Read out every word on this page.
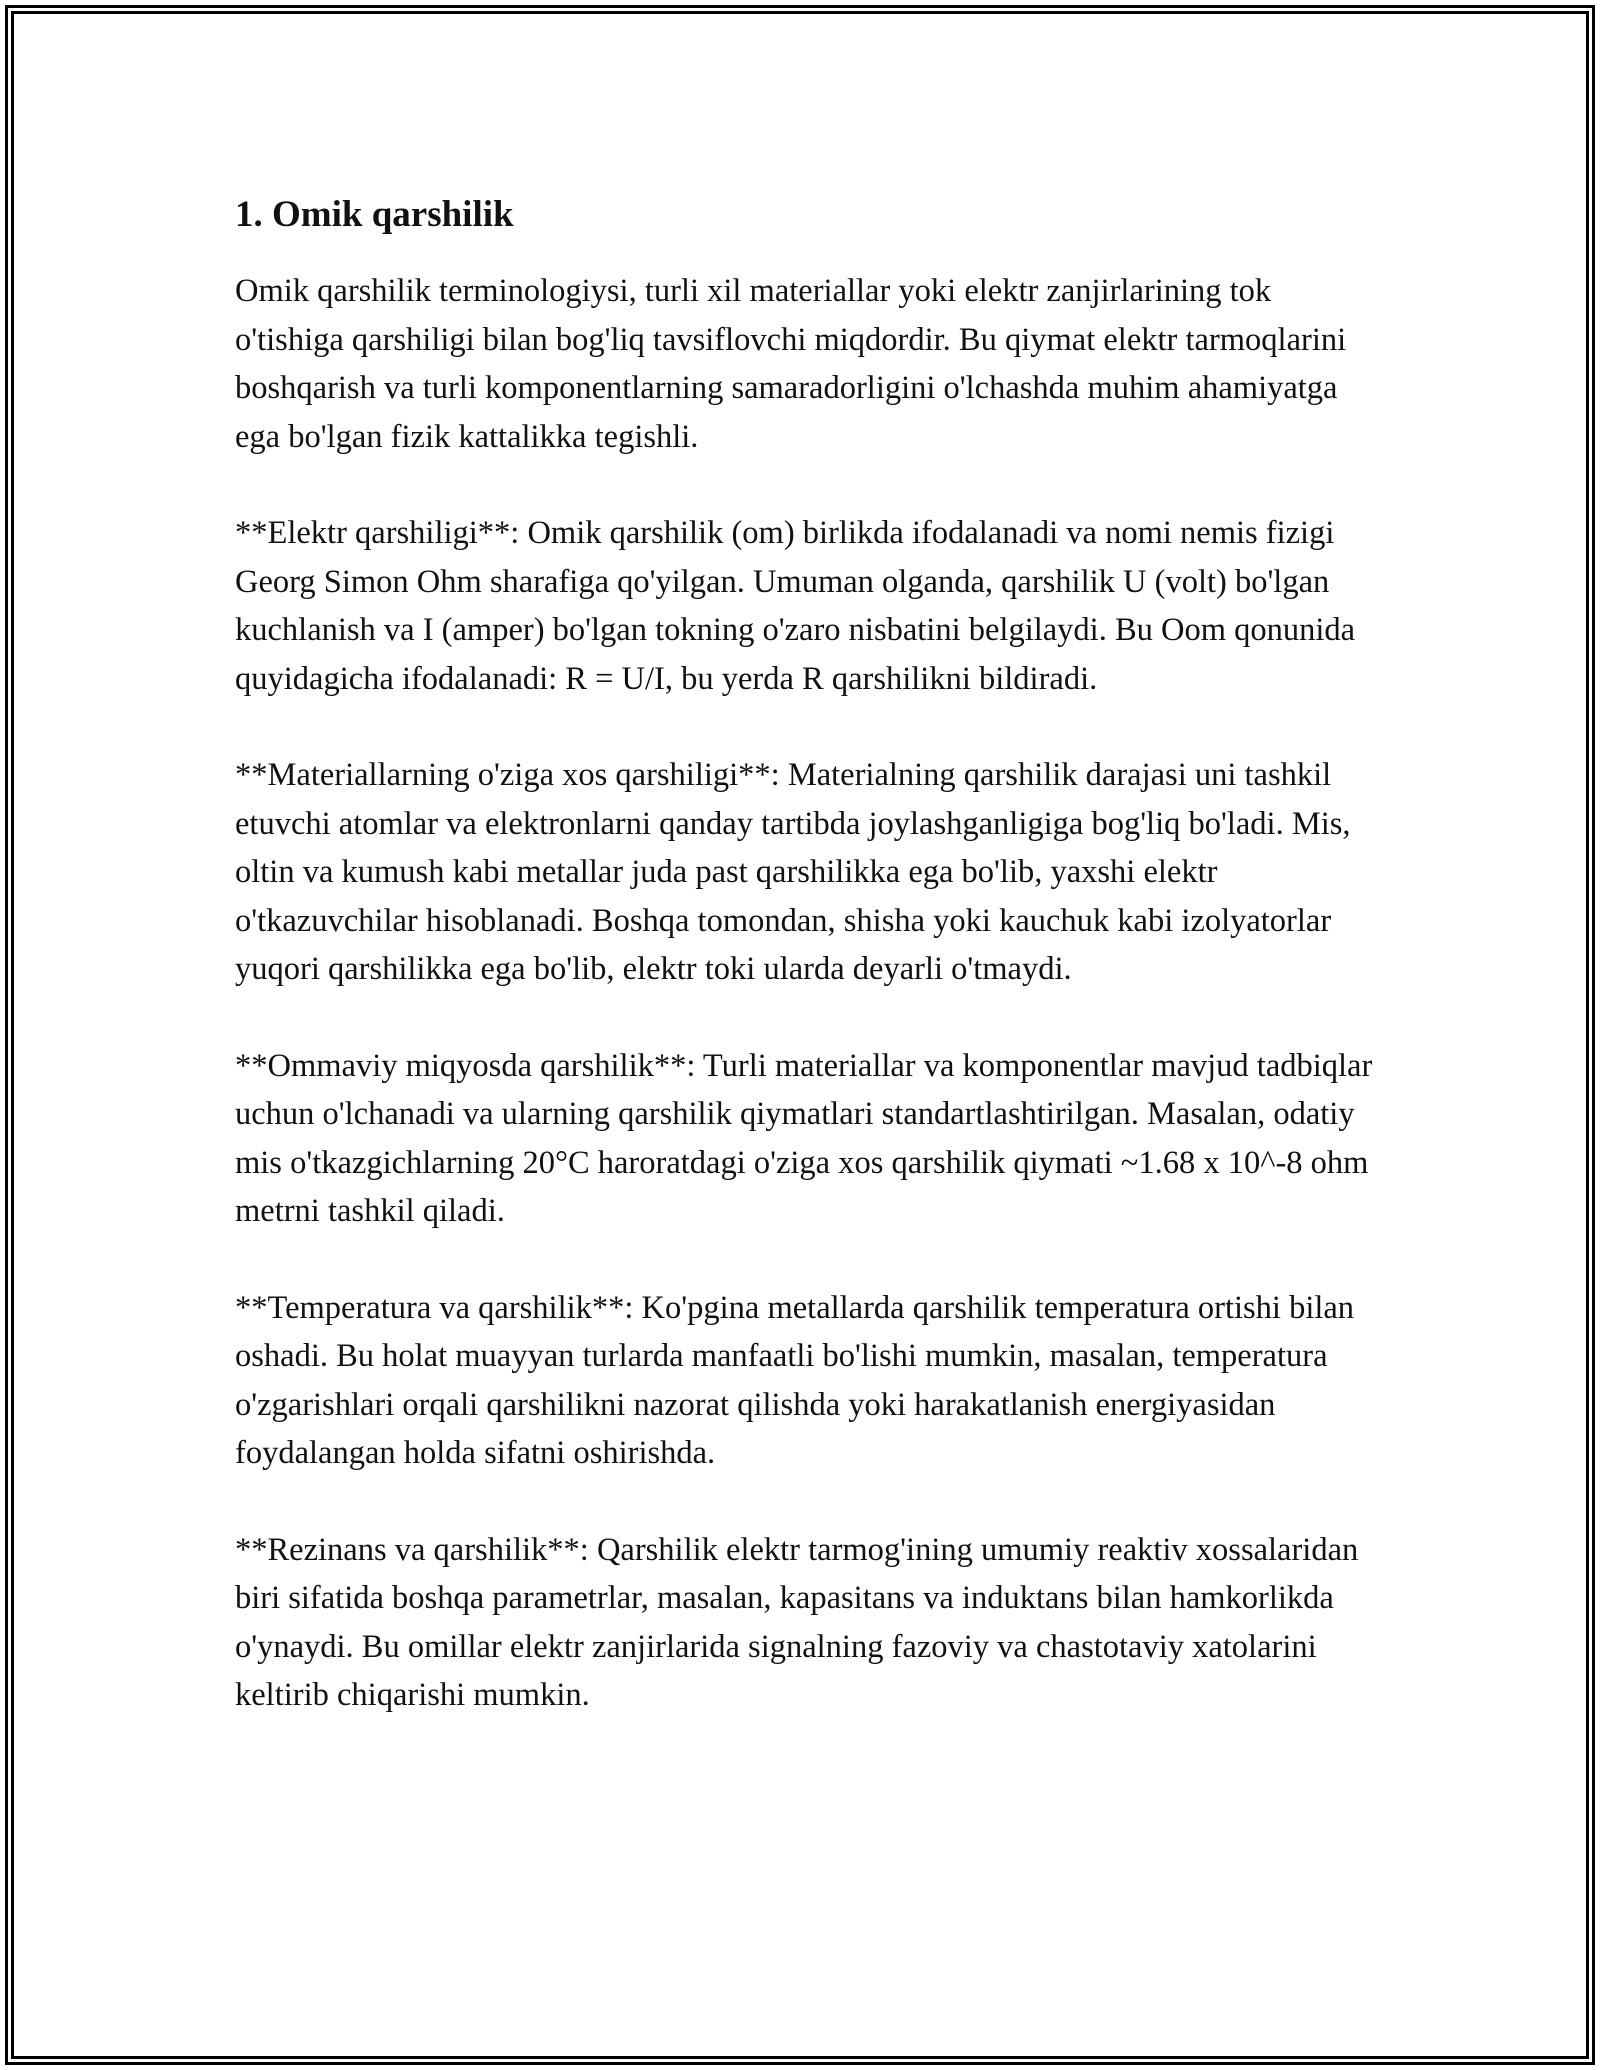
1. Omik qarshilik

Omik qarshilik terminologiysi, turli xil materiallar yoki elektr zanjirlarining tok o'tishiga qarshiligi bilan bog'liq tavsiflovchi miqdordir. Bu qiymat elektr tarmoqlarini boshqarish va turli komponentlarning samaradorligini o'lchashda muhim ahamiyatga ega bo'lgan fizik kattalikka tegishli.

**Elektr qarshiligi**: Omik qarshilik (om) birlikda ifodalanadi va nomi nemis fizigi Georg Simon Ohm sharafiga qo'yilgan. Umuman olganda, qarshilik U (volt) bo'lgan kuchlanish va I (amper) bo'lgan tokning o'zaro nisbatini belgilaydi. Bu Oom qonunida quyidagicha ifodalanadi: R = U/I, bu yerda R qarshilikni bildiradi.

**Materiallarning o'ziga xos qarshiligi**: Materialning qarshilik darajasi uni tashkil etuvchi atomlar va elektronlarni qanday tartibda joylashganligiga bog'liq bo'ladi. Mis, oltin va kumush kabi metallar juda past qarshilikka ega bo'lib, yaxshi elektr o'tkazuvchilar hisoblanadi. Boshqa tomondan, shisha yoki kauchuk kabi izolyatorlar yuqori qarshilikka ega bo'lib, elektr toki ularda deyarli o'tmaydi.

**Ommaviy miqyosda qarshilik**: Turli materiallar va komponentlar mavjud tadbiqlar uchun o'lchanadi va ularning qarshilik qiymatlari standartlashtirilgan. Masalan, odatiy mis o'tkazgichlarning 20°C haroratdagi o'ziga xos qarshilik qiymati ~1.68 x 10^-8 ohm metrni tashkil qiladi.

**Temperatura va qarshilik**: Ko'pgina metallarda qarshilik temperatura ortishi bilan oshadi. Bu holat muayyan turlarda manfaatli bo'lishi mumkin, masalan, temperatura o'zgarishlari orqali qarshilikni nazorat qilishda yoki harakatlanish energiyasidan foydalangan holda sifatni oshirishda.

**Rezinans va qarshilik**: Qarshilik elektr tarmog'ining umumiy reaktiv xossalaridan biri sifatida boshqa parametrlar, masalan, kapasitans va induktans bilan hamkorlikda o'ynaydi. Bu omillar elektr zanjirlarida signalning fazoviy va chastotaviy xatolarini keltirib chiqarishi mumkin.
